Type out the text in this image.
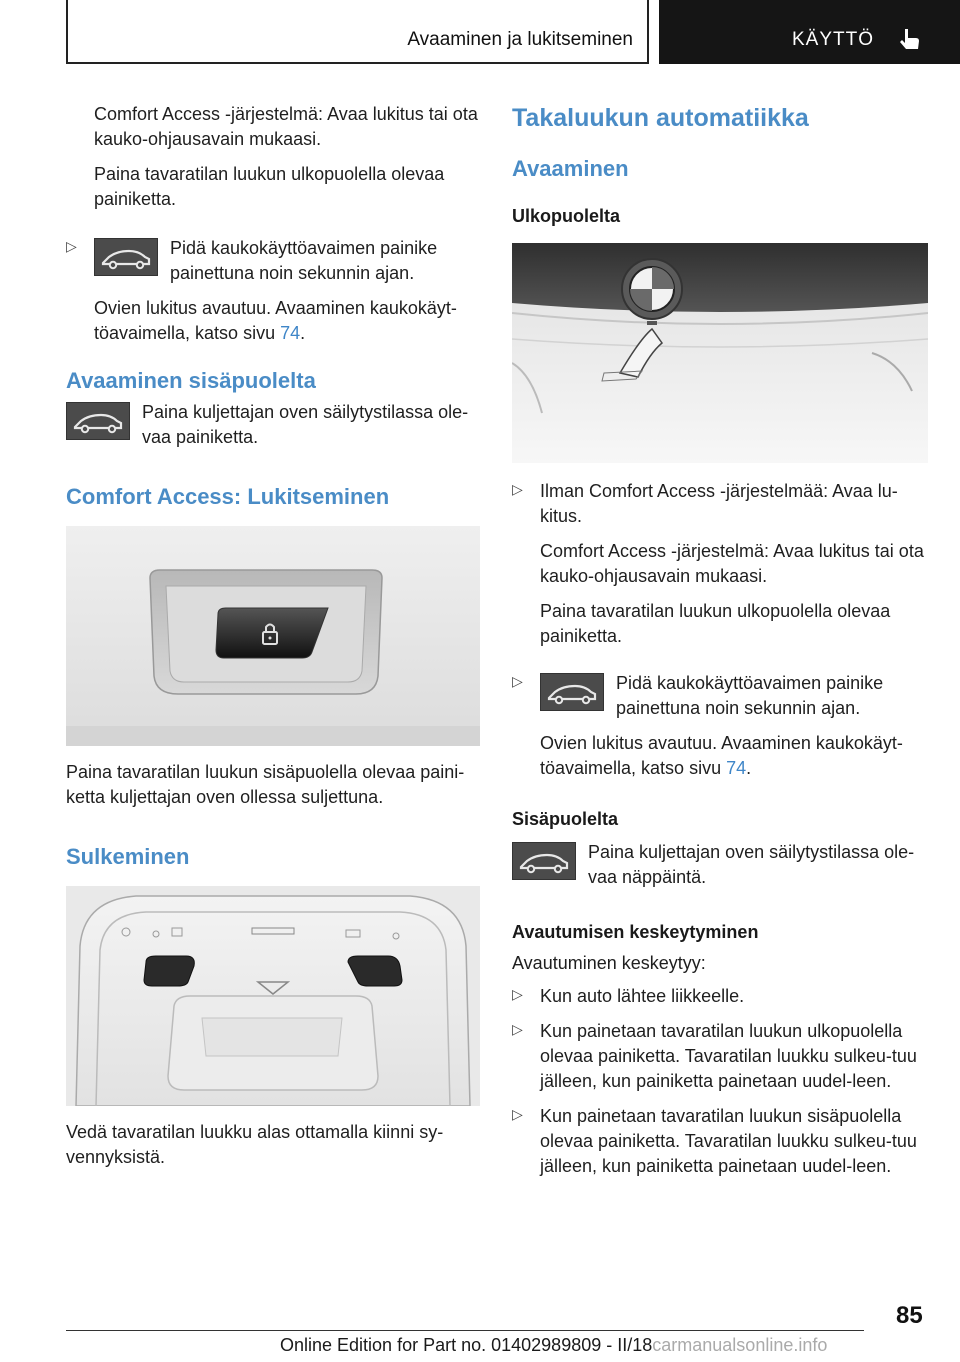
Avaaminen ja lukitseminen	KÄYTTÖ

Comfort Access -järjestelmä: Avaa lukitus tai ota kauko-ohjausavain mukaasi.

Paina tavaratilan luukun ulkopuolella olevaa painiketta.

▷	Pidä kaukokäyttöavaimen painike painettuna noin sekunnin ajan.

Ovien lukitus avautuu. Avaaminen kaukokäyt‐töavaimella, katso sivu 74.

Avaaminen sisäpuolelta

Paina kuljettajan oven säilytystilassa ole‐vaa painiketta.

Comfort Access: Lukitseminen

Paina tavaratilan luukun sisäpuolella olevaa paini‐ketta kuljettajan oven ollessa suljettuna.

Sulkeminen

Vedä tavaratilan luukku alas ottamalla kiinni sy‐vennyksistä.

Takaluukun automatiikka
Avaaminen
Ulkopuolelta
▷ Ilman Comfort Access -järjestelmää: Avaa lu‐kitus.

Comfort Access -järjestelmä: Avaa lukitus tai ota kauko-ohjausavain mukaasi.

Paina tavaratilan luukun ulkopuolella olevaa painiketta.

▷	Pidä kaukokäyttöavaimen painike painettuna noin sekunnin ajan.

Ovien lukitus avautuu. Avaaminen kaukokäyt‐töavaimella, katso sivu 74.

Sisäpuolelta

Paina kuljettajan oven säilytystilassa ole‐vaa näppäintä.

Avautumisen keskeytyminen

Avautuminen keskeytyy:

▷ Kun auto lähtee liikkeelle.

▷ Kun painetaan tavaratilan luukun ulkopuolella olevaa painiketta. Tavaratilan luukku sulkeu‐tuu jälleen, kun painiketta painetaan uudel‐leen.

▷ Kun painetaan tavaratilan luukun sisäpuolella olevaa painiketta. Tavaratilan luukku sulkeu‐tuu jälleen, kun painiketta painetaan uudel‐leen.

85
Online Edition for Part no. 01402989809 - II/18carmanualsonline.info
